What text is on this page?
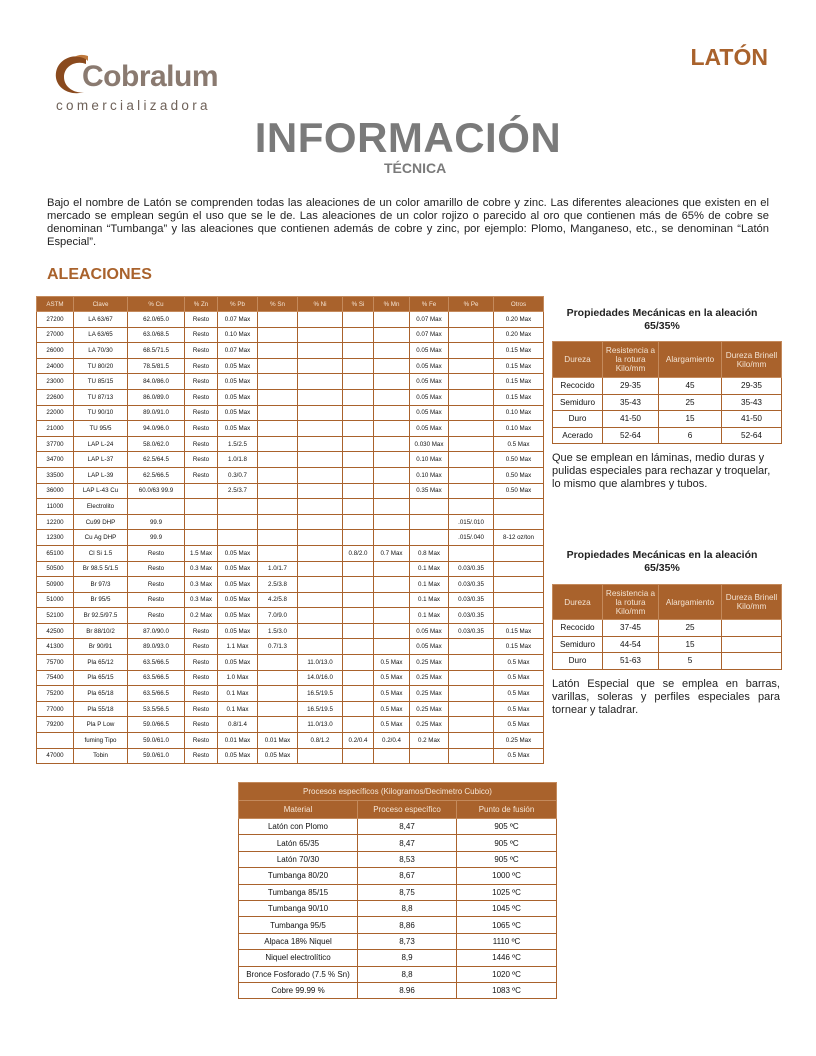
Cobralum
comercializadora
LATÓN
INFORMACIÓN
TÉCNICA
Bajo el nombre de Latón se comprenden todas las aleaciones de un color amarillo de cobre y zinc. Las diferentes aleaciones que existen en el mercado se emplean según el uso que se le de. Las aleaciones de un color rojizo o parecido al oro que contienen más de 65% de cobre se denominan “Tumbanga” y las aleaciones que contienen además de cobre y zinc, por ejemplo: Plomo, Manganeso, etc., se denominan “Latón Especial”.
ALEACIONES
ASTM	Clave	% Cu	% Zn	% Pb	% Sn	% Ni	% Si	% Mn	% Fe	% Pe	Otros
27200	LA 63/67	62.0/65.0	Resto	0.07 Max					0.07 Max		0.20 Max
27000	LA 63/65	63.0/68.5	Resto	0.10 Max					0.07 Max		0.20 Max
26000	LA 70/30	68.5/71.5	Resto	0.07 Max					0.05 Max		0.15 Max
24000	TU 80/20	78.5/81.5	Resto	0.05 Max					0.05 Max		0.15 Max
23000	TU 85/15	84.0/86.0	Resto	0.05 Max					0.05 Max		0.15 Max
22600	TU 87/13	86.0/89.0	Resto	0.05 Max					0.05 Max		0.15 Max
22000	TU 90/10	89.0/91.0	Resto	0.05 Max					0.05 Max		0.10 Max
21000	TU 95/5	94.0/96.0	Resto	0.05 Max					0.05 Max		0.10 Max
37700	LAP L-24	58.0/62.0	Resto	1.5/2.5					0.030 Max		0.5 Max
34700	LAP L-37	62.5/64.5	Resto	1.0/1.8					0.10 Max		0.50 Max
33500	LAP L-39	62.5/66.5	Resto	0.3/0.7					0.10 Max		0.50 Max
36000	LAP L-43 Cu	60.0/63 99.9		2.5/3.7					0.35 Max		0.50 Max
11000	Electrolito										
12200	Cu99 DHP	99.9								.015/.010	
12300	Cu Ag DHP	99.9								.015/.040	8-12 oz/ton
65100	Cl Si 1.5	Resto	1.5 Max	0.05 Max			0.8/2.0	0.7 Max	0.8 Max		
50500	Br 98.5 5/1.5	Resto	0.3 Max	0.05 Max	1.0/1.7				0.1 Max	0.03/0.35	
50900	Br 97/3	Resto	0.3 Max	0.05 Max	2.5/3.8				0.1 Max	0.03/0.35	
51000	Br 95/5	Resto	0.3 Max	0.05 Max	4.2/5.8				0.1 Max	0.03/0.35	
52100	Br 92.5/97.5	Resto	0.2 Max	0.05 Max	7.0/9.0				0.1 Max	0.03/0.35	
42500	Br 88/10/2	87.0/90.0	Resto	0.05 Max	1.5/3.0				0.05 Max	0.03/0.35	0.15 Max
41300	Br 90/91	89.0/93.0	Resto	1.1 Max	0.7/1.3				0.05 Max		0.15 Max
75700	Pla 65/12	63.5/66.5	Resto	0.05 Max		11.0/13.0		0.5 Max	0.25 Max		0.5 Max
75400	Pla 65/15	63.5/66.5	Resto	1.0 Max		14.0/16.0		0.5 Max	0.25 Max		0.5 Max
75200	Pla 65/18	63.5/66.5	Resto	0.1 Max		16.5/19.5		0.5 Max	0.25 Max		0.5 Max
77000	Pla 55/18	53.5/56.5	Resto	0.1 Max		16.5/19.5		0.5 Max	0.25 Max		0.5 Max
79200	Pla P Low	59.0/66.5	Resto	0.8/1.4		11.0/13.0		0.5 Max	0.25 Max		0.5 Max
	fuming Tipo	59.0/61.0	Resto	0.01 Max	0.01 Max	0.8/1.2	0.2/0.4	0.2/0.4	0.2 Max		0.25 Max
47000	Tobin	59.0/61.0	Resto	0.05 Max	0.05 Max						0.5 Max
Propiedades Mecánicas en la aleación 65/35%
Dureza	Resistencia a la rotura Kilo/mm	Alargamiento	Dureza Brinell Kilo/mm
Recocido	29-35	45	29-35
Semiduro	35-43	25	35-43
Duro	41-50	15	41-50
Acerado	52-64	6	52-64
Que se emplean en láminas, medio duras y pulidas especiales para rechazar y troquelar, lo mismo que alambres y tubos.
Propiedades Mecánicas en la aleación 65/35%
Dureza	Resistencia a la rotura Kilo/mm	Alargamiento	Dureza Brinell Kilo/mm
Recocido	37-45	25	
Semiduro	44-54	15	
Duro	51-63	5	
Latón Especial que se emplea en barras, varillas, soleras y perfiles especiales para tornear y taladrar.
Procesos específicos (Kilogramos/Decimetro Cubico)		
Material	Proceso específico	Punto de fusión
Latón con Plomo	8,47	905 ºC
Latón 65/35	8,47	905 ºC
Latón 70/30	8,53	905 ºC
Tumbanga 80/20	8,67	1000 ºC
Tumbanga 85/15	8,75	1025 ºC
Tumbanga 90/10	8,8	1045 ºC
Tumbanga 95/5	8,86	1065 ºC
Alpaca 18% Niquel	8,73	1110 ºC
Niquel electrolítico	8,9	1446 ºC
Bronce Fosforado (7.5 % Sn)	8,8	1020 ºC
Cobre 99.99 %	8.96	1083 ºC
